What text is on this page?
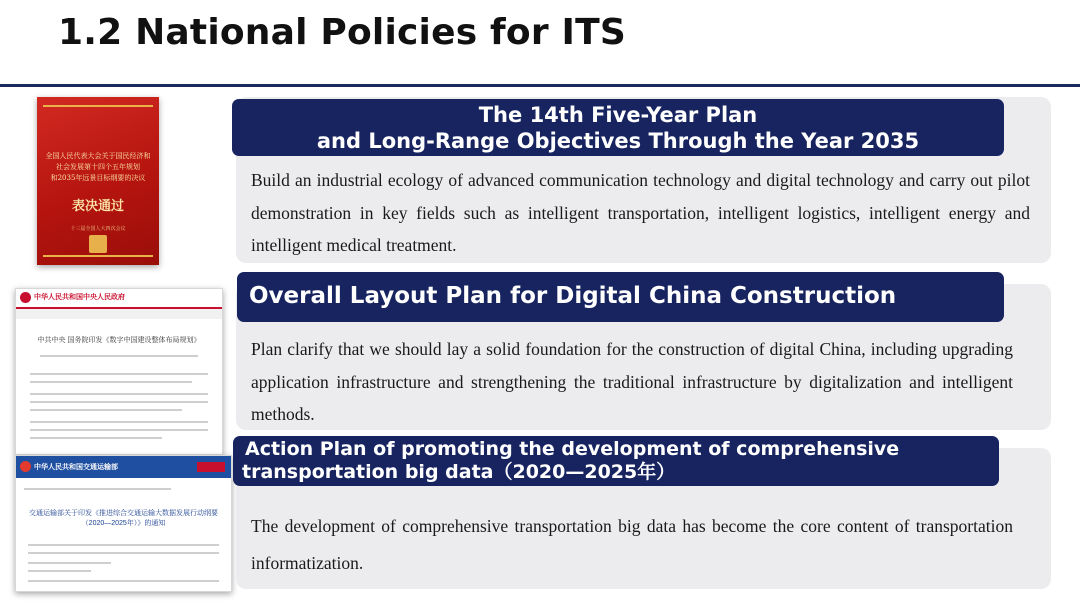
1.2 National Policies for ITS
全国人民代表大会关于国民经济和
社会发展第十四个五年规划
和2035年远景目标纲要的决议
表决通过
十三届全国人大四次会议
中华人民共和国中央人民政府
中共中央 国务院印发《数字中国建设整体布局规划》
中华人民共和国交通运输部
交通运输部关于印发《推进综合交通运输大数据发展行动纲要（2020—2025年）》的通知
The 14th Five-Year Plan
and Long-Range Objectives Through the Year 2035
Build an industrial ecology of advanced communication technology and digital technology and carry out pilot demonstration in key fields such as intelligent transportation, intelligent logistics, intelligent energy and intelligent medical treatment.
Overall Layout Plan for Digital China Construction
Plan clarify that we should lay a solid foundation for the construction of digital China, including upgrading application infrastructure and strengthening the traditional infrastructure by digitalization and intelligent methods.
Action Plan of promoting the development of comprehensive
transportation big data（2020—2025年）
The development of comprehensive transportation big data has become the core content of transportation informatization.
